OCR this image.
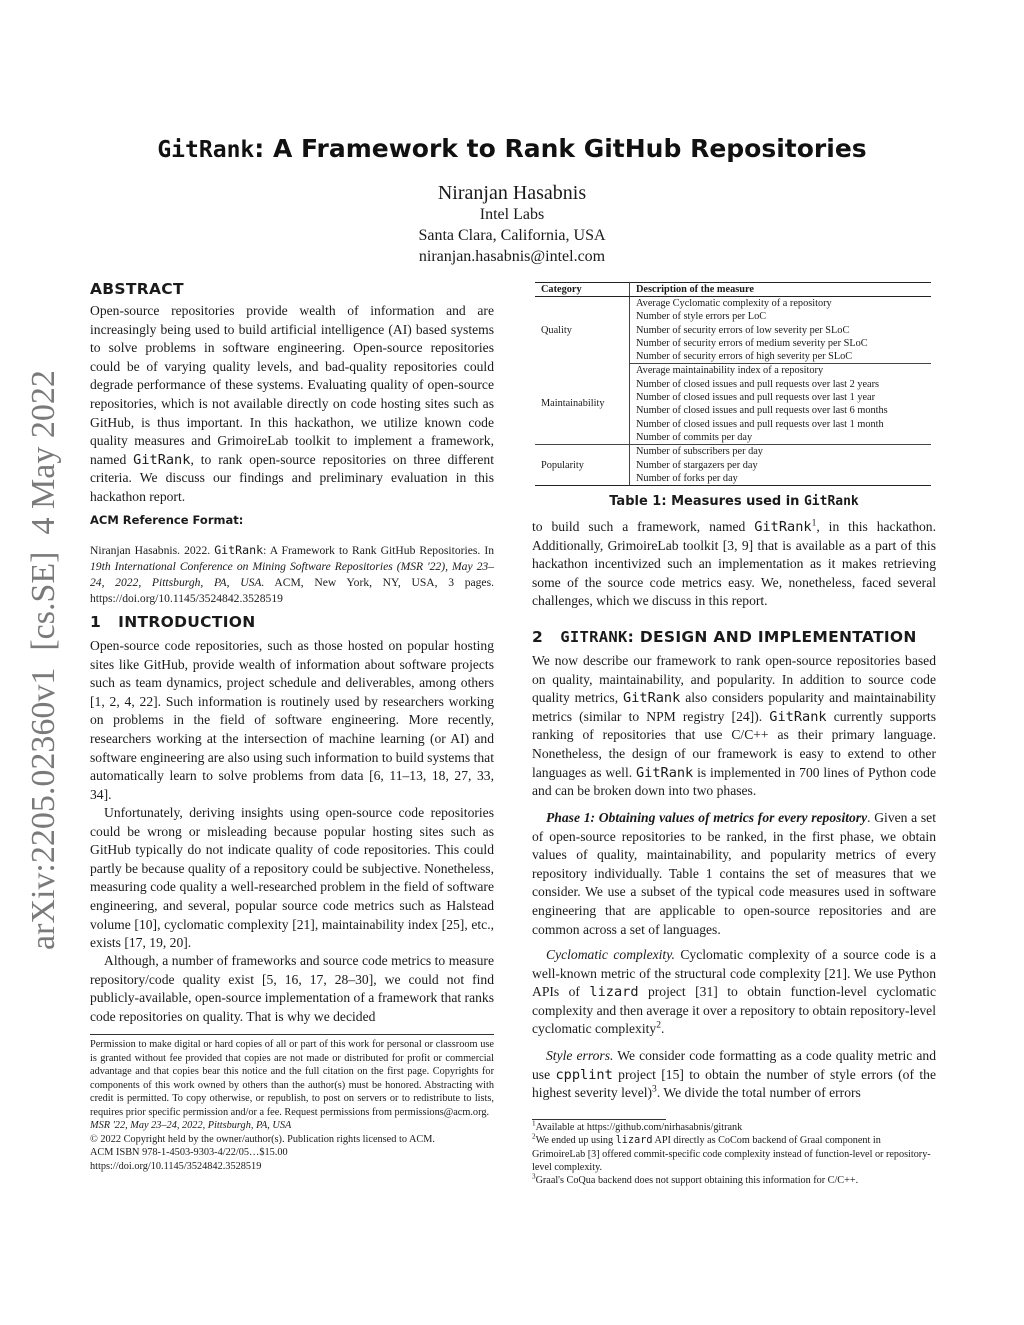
arXiv:2205.02360v1  [cs.SE]  4 May 2022
GitRank: A Framework to Rank GitHub Repositories
Niranjan Hasabnis
Intel Labs
Santa Clara, California, USA
niranjan.hasabnis@intel.com
ABSTRACT

Open-source repositories provide wealth of information and are increasingly being used to build artificial intelligence (AI) based systems to solve problems in software engineering. Open-source repositories could be of varying quality levels, and bad-quality repositories could degrade performance of these systems. Evaluating quality of open-source repositories, which is not available directly on code hosting sites such as GitHub, is thus important. In this hackathon, we utilize known code quality measures and GrimoireLab toolkit to implement a framework, named GitRank, to rank open-source repositories on three different criteria. We discuss our findings and preliminary evaluation in this hackathon report.

ACM Reference Format:

Niranjan Hasabnis. 2022. GitRank: A Framework to Rank GitHub Repositories. In 19th International Conference on Mining Software Repositories (MSR '22), May 23–24, 2022, Pittsburgh, PA, USA. ACM, New York, NY, USA, 3 pages. https://doi.org/10.1145/3524842.3528519

1   INTRODUCTION

Open-source code repositories, such as those hosted on popular hosting sites like GitHub, provide wealth of information about software projects such as team dynamics, project schedule and deliverables, among others [1, 2, 4, 22]. Such information is routinely used by researchers working on problems in the field of software engineering. More recently, researchers working at the intersection of machine learning (or AI) and software engineering are also using such information to build systems that automatically learn to solve problems from data [6, 11–13, 18, 27, 33, 34].

Unfortunately, deriving insights using open-source code repositories could be wrong or misleading because popular hosting sites such as GitHub typically do not indicate quality of code repositories. This could partly be because quality of a repository could be subjective. Nonetheless, measuring code quality a well-researched problem in the field of software engineering, and several, popular source code metrics such as Halstead volume [10], cyclomatic complexity [21], maintainability index [25], etc., exists [17, 19, 20].

Although, a number of frameworks and source code metrics to measure repository/code quality exist [5, 16, 17, 28–30], we could not find publicly-available, open-source implementation of a framework that ranks code repositories on quality. That is why we decided

Permission to make digital or hard copies of all or part of this work for personal or classroom use is granted without fee provided that copies are not made or distributed for profit or commercial advantage and that copies bear this notice and the full citation on the first page. Copyrights for components of this work owned by others than the author(s) must be honored. Abstracting with credit is permitted. To copy otherwise, or republish, to post on servers or to redistribute to lists, requires prior specific permission and/or a fee. Request permissions from permissions@acm.org.
MSR '22, May 23–24, 2022, Pittsburgh, PA, USA
© 2022 Copyright held by the owner/author(s). Publication rights licensed to ACM.
ACM ISBN 978-1-4503-9303-4/22/05…$15.00
https://doi.org/10.1145/3524842.3528519
Category	Description of the measure
Quality	Average Cyclomatic complexity of a repository
	Number of style errors per LoC
	Number of security errors of low severity per SLoC
	Number of security errors of medium severity per SLoC
	Number of security errors of high severity per SLoC
Maintainability	Average maintainability index of a repository
	Number of closed issues and pull requests over last 2 years
	Number of closed issues and pull requests over last 1 year
	Number of closed issues and pull requests over last 6 months
	Number of closed issues and pull requests over last 1 month
	Number of commits per day
Popularity	Number of subscribers per day
	Number of stargazers per day
	Number of forks per day
Table 1: Measures used in GitRank

to build such a framework, named GitRank$^1$, in this hackathon. Additionally, GrimoireLab toolkit [3, 9] that is available as a part of this hackathon incentivized such an implementation as it makes retrieving some of the source code metrics easy. We, nonetheless, faced several challenges, which we discuss in this report.

2   GITRANK: DESIGN AND IMPLEMENTATION

We now describe our framework to rank open-source repositories based on quality, maintainability, and popularity. In addition to source code quality metrics, GitRank also considers popularity and maintainability metrics (similar to NPM registry [24]). GitRank currently supports ranking of repositories that use C/C++ as their primary language. Nonetheless, the design of our framework is easy to extend to other languages as well. GitRank is implemented in 700 lines of Python code and can be broken down into two phases.

Phase 1: Obtaining values of metrics for every repository. Given a set of open-source repositories to be ranked, in the first phase, we obtain values of quality, maintainability, and popularity metrics of every repository individually. Table 1 contains the set of measures that we consider. We use a subset of the typical code measures used in software engineering that are applicable to open-source repositories and are common across a set of languages.

Cyclomatic complexity. Cyclomatic complexity of a source code is a well-known metric of the structural code complexity [21]. We use Python APIs of lizard project [31] to obtain function-level cyclomatic complexity and then average it over a repository to obtain repository-level cyclomatic complexity$^2$.

Style errors. We consider code formatting as a code quality metric and use cpplint project [15] to obtain the number of style errors (of the highest severity level)$^3$. We divide the total number of errors

$^1$Available at https://github.com/nirhasabnis/gitrank
$^2$We ended up using lizard API directly as CoCom backend of Graal component in GrimoireLab [3] offered commit-specific code complexity instead of function-level or repository-level complexity.
$^3$Graal's CoQua backend does not support obtaining this information for C/C++.
